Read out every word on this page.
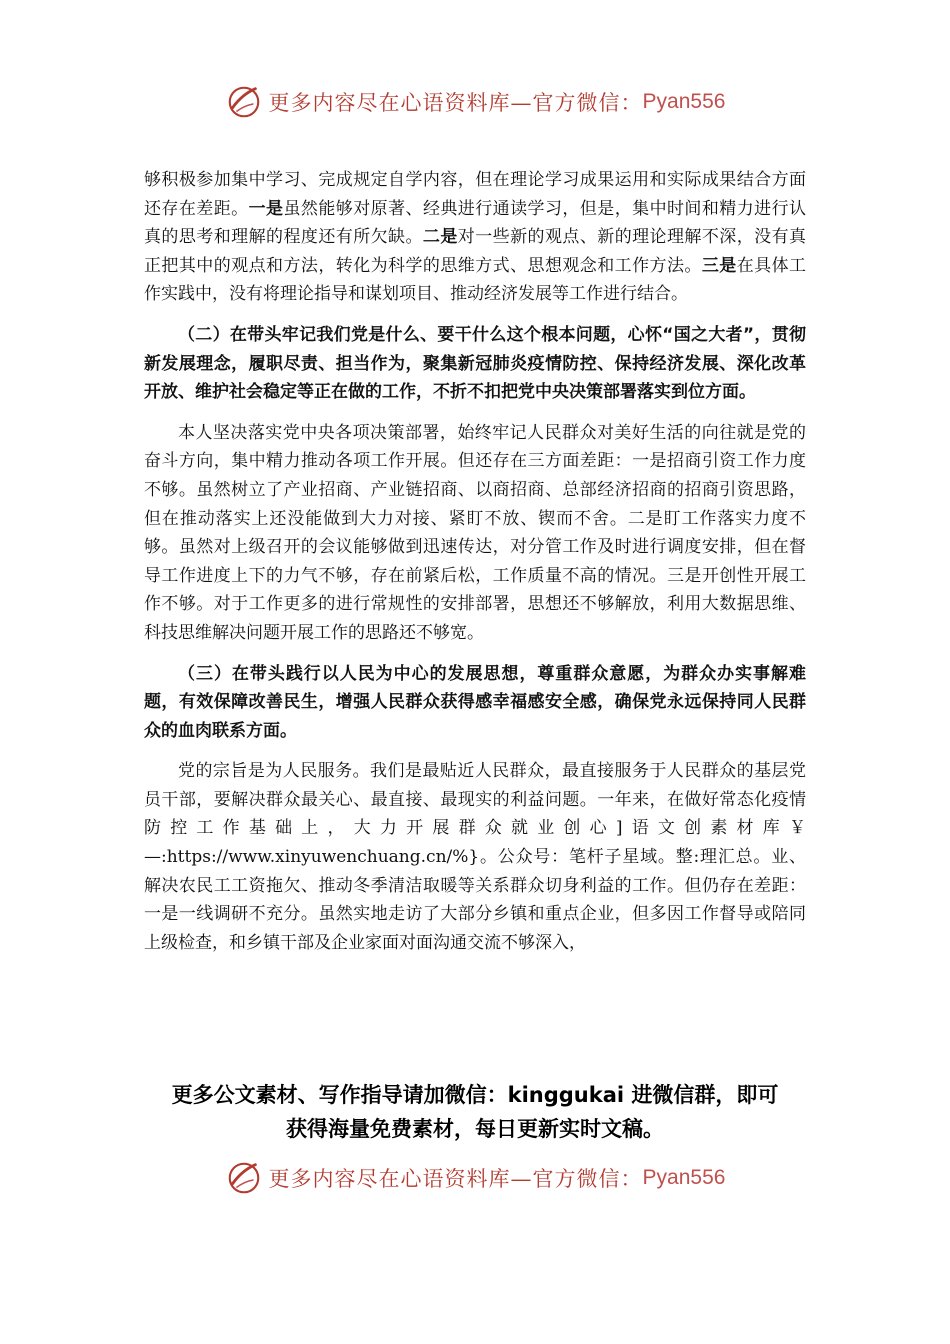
更多内容尽在心语资料库—官方微信： Pyan556

够积极参加集中学习、完成规定自学内容，但在理论学习成果运用和实际成果结合方面还存在差距。一是虽然能够对原著、经典进行通读学习，但是，集中时间和精力进行认真的思考和理解的程度还有所欠缺。二是对一些新的观点、新的理论理解不深，没有真正把其中的观点和方法，转化为科学的思维方式、思想观念和工作方法。三是在具体工作实践中，没有将理论指导和谋划项目、推动经济发展等工作进行结合。

（二）在带头牢记我们党是什么、要干什么这个根本问题，心怀“国之大者”，贯彻新发展理念，履职尽责、担当作为，聚集新冠肺炎疫情防控、保持经济发展、深化改革开放、维护社会稳定等正在做的工作，不折不扣把党中央决策部署落实到位方面。

本人坚决落实党中央各项决策部署，始终牢记人民群众对美好生活的向往就是党的奋斗方向，集中精力推动各项工作开展。但还存在三方面差距：一是招商引资工作力度不够。虽然树立了产业招商、产业链招商、以商招商、总部经济招商的招商引资思路，但在推动落实上还没能做到大力对接、紧盯不放、锲而不舍。二是盯工作落实力度不够。虽然对上级召开的会议能够做到迅速传达，对分管工作及时进行调度安排，但在督导工作进度上下的力气不够，存在前紧后松，工作质量不高的情况。三是开创性开展工作不够。对于工作更多的进行常规性的安排部署，思想还不够解放，利用大数据思维、科技思维解决问题开展工作的思路还不够宽。

（三）在带头践行以人民为中心的发展思想，尊重群众意愿，为群众办实事解难题，有效保障改善民生，增强人民群众获得感幸福感安全感，确保党永远保持同人民群众的血肉联系方面。

党的宗旨是为人民服务。我们是最贴近人民群众，最直接服务于人民群众的基层党员干部，要解决群众最关心、最直接、最现实的利益问题。一年来，在做好常态化疫情防控工作基础上，大力开展群众就业创心]语文创素材库￥—:https://www.xinyuwenchuang.cn/%}。公众号：笔杆子星域。整:理汇总。业、解决农民工工资拖欠、推动冬季清洁取暖等关系群众切身利益的工作。但仍存在差距：一是一线调研不充分。虽然实地走访了大部分乡镇和重点企业，但多因工作督导或陪同上级检查，和乡镇干部及企业家面对面沟通交流不够深入，

更多公文素材、写作指导请加微信：kinggukai 进微信群，即可
获得海量免费素材，每日更新实时文稿。
更多内容尽在心语资料库—官方微信： Pyan556
